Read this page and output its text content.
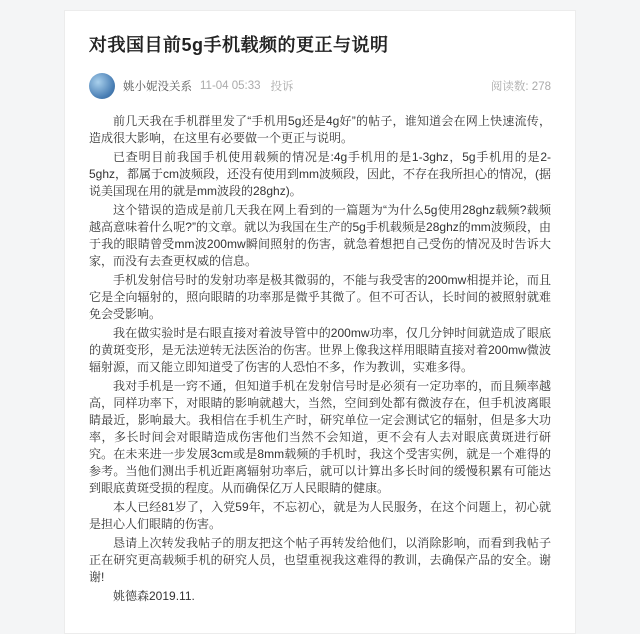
对我国目前5g手机载频的更正与说明
姚小妮没关系 11-04 05:33 投诉	阅读数: 278

前几天我在手机群里发了“手机用5g还是4g好”的帖子，谁知道会在网上快速流传，造成很大影响，在这里有必要做一个更正与说明。

已查明目前我国手机使用载频的情况是:4g手机用的是1-3ghz，5g手机用的是2-5ghz，都属于cm波频段，还没有使用到mm波频段，因此，不存在我所担心的情况，(据说美国现在用的就是mm波段的28ghz)。

这个错误的造成是前几天我在网上看到的一篇题为“为什么5g使用28ghz载频?载频越高意味着什么呢?”的文章。就以为我国在生产的5g手机载频是28ghz的mm波频段，由于我的眼睛曾受mm波200mw瞬间照射的伤害，就急着想把自己受伤的情况及时告诉大家，而没有去查更权威的信息。

手机发射信号时的发射功率是极其微弱的，不能与我受害的200mw相提并论，而且它是全向辐射的，照向眼睛的功率那是微乎其微了。但不可否认，长时间的被照射就难免会受影响。

我在做实验时是右眼直接对着波导管中的200mw功率，仅几分钟时间就造成了眼底的黄斑变形，是无法逆转无法医治的伤害。世界上像我这样用眼睛直接对着200mw微波辐射源，而又能立即知道受了伤害的人恐怕不多，作为教训，实难多得。

我对手机是一窍不通，但知道手机在发射信号时是必须有一定功率的，而且频率越高，同样功率下，对眼睛的影响就越大，当然，空间到处都有微波存在，但手机波离眼睛最近，影响最大。我相信在手机生产时，研究单位一定会测试它的辐射，但是多大功率，多长时间会对眼睛造成伤害他们当然不会知道，更不会有人去对眼底黄斑进行研究。在未来进一步发展3cm或是8mm载频的手机时，我这个受害实例，就是一个难得的参考。当他们测出手机近距离辐射功率后，就可以计算出多长时间的缓慢积累有可能达到眼底黄斑受损的程度。从而确保亿万人民眼睛的健康。

本人已经81岁了，入党59年，不忘初心，就是为人民服务，在这个问题上，初心就是担心人们眼睛的伤害。

恳请上次转发我帖子的朋友把这个帖子再转发给他们，以消除影响，而看到我帖子正在研究更高载频手机的研究人员，也望重视我这难得的教训，去确保产品的安全。谢谢!

姚德森2019.11.
